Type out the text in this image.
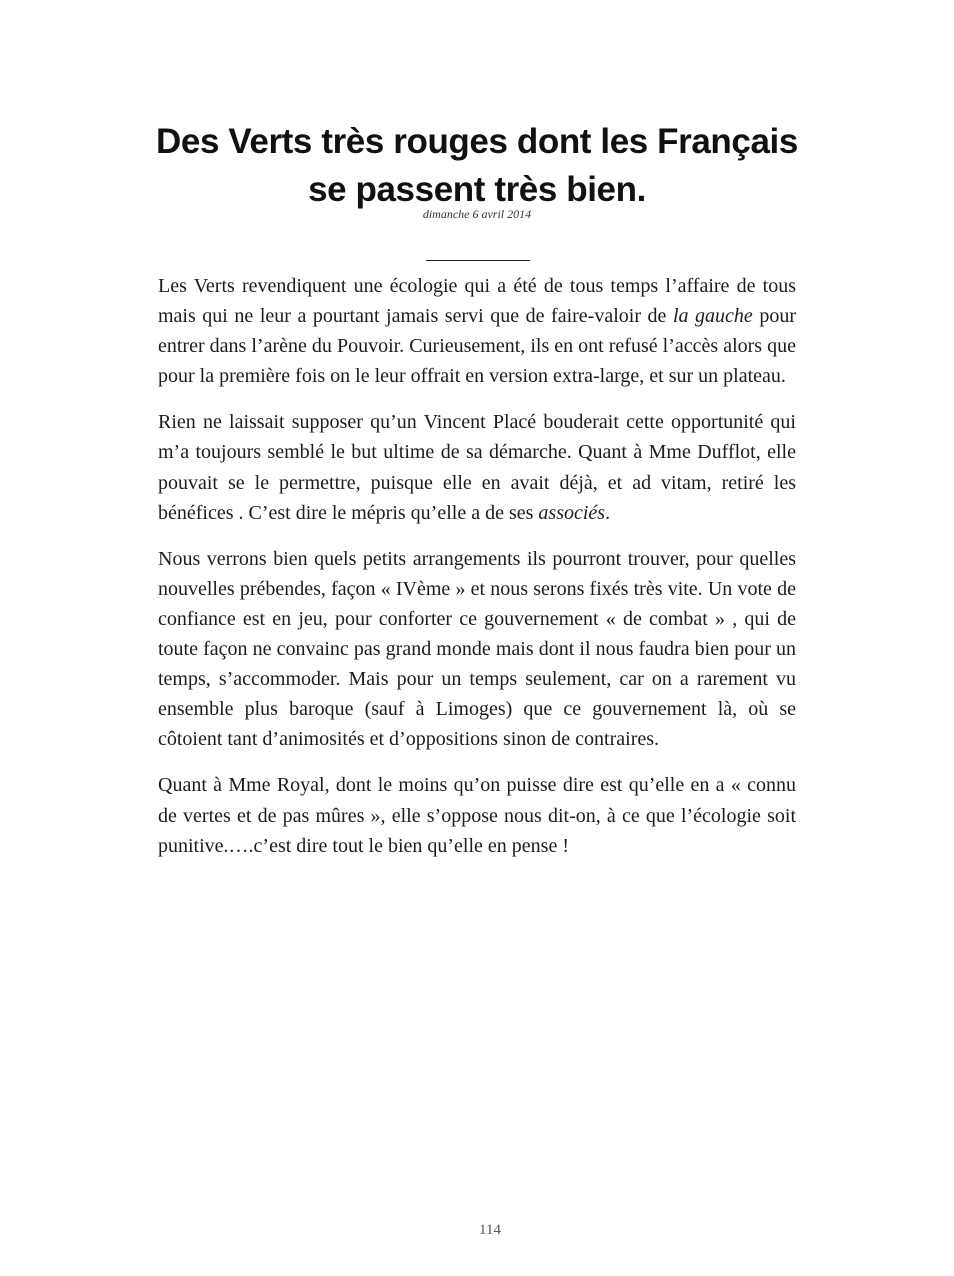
Des Verts très rouges dont les Français
se passent très bien.
dimanche 6 avril 2014

Les Verts revendiquent une écologie qui a été de tous temps l’affaire de tous mais qui ne leur a pourtant jamais servi que de faire-valoir de la gauche pour entrer dans l’arène du Pouvoir. Curieusement, ils en ont refusé l’accès alors que pour la première fois on le leur offrait en version extra-large, et sur un plateau.

Rien ne laissait supposer qu’un Vincent Placé bouderait cette opportunité qui m’a toujours semblé le but ultime de sa démarche. Quant à Mme Dufflot, elle pouvait se le permettre, puisque elle en avait déjà, et ad vitam, retiré les bénéfices . C’est dire le mépris qu’elle a de ses associés.

Nous verrons bien quels petits arrangements ils pourront trouver, pour quelles nouvelles prébendes, façon « IVème » et nous serons fixés très vite. Un vote de confiance est en jeu, pour conforter ce gouvernement « de combat » , qui de toute façon ne convainc pas grand monde mais dont il nous faudra bien pour un temps, s’accommoder. Mais pour un temps seulement, car on a rarement vu ensemble plus baroque (sauf à Limoges) que ce gouvernement là, où se côtoient tant d’animosités et d’oppositions sinon de contraires.

Quant à Mme Royal, dont le moins qu’on puisse dire est qu’elle en a « connu de vertes et de pas mûres », elle s’oppose nous dit-on, à ce que l’écologie soit punitive.….c’est dire tout le bien qu’elle en pense !

114
